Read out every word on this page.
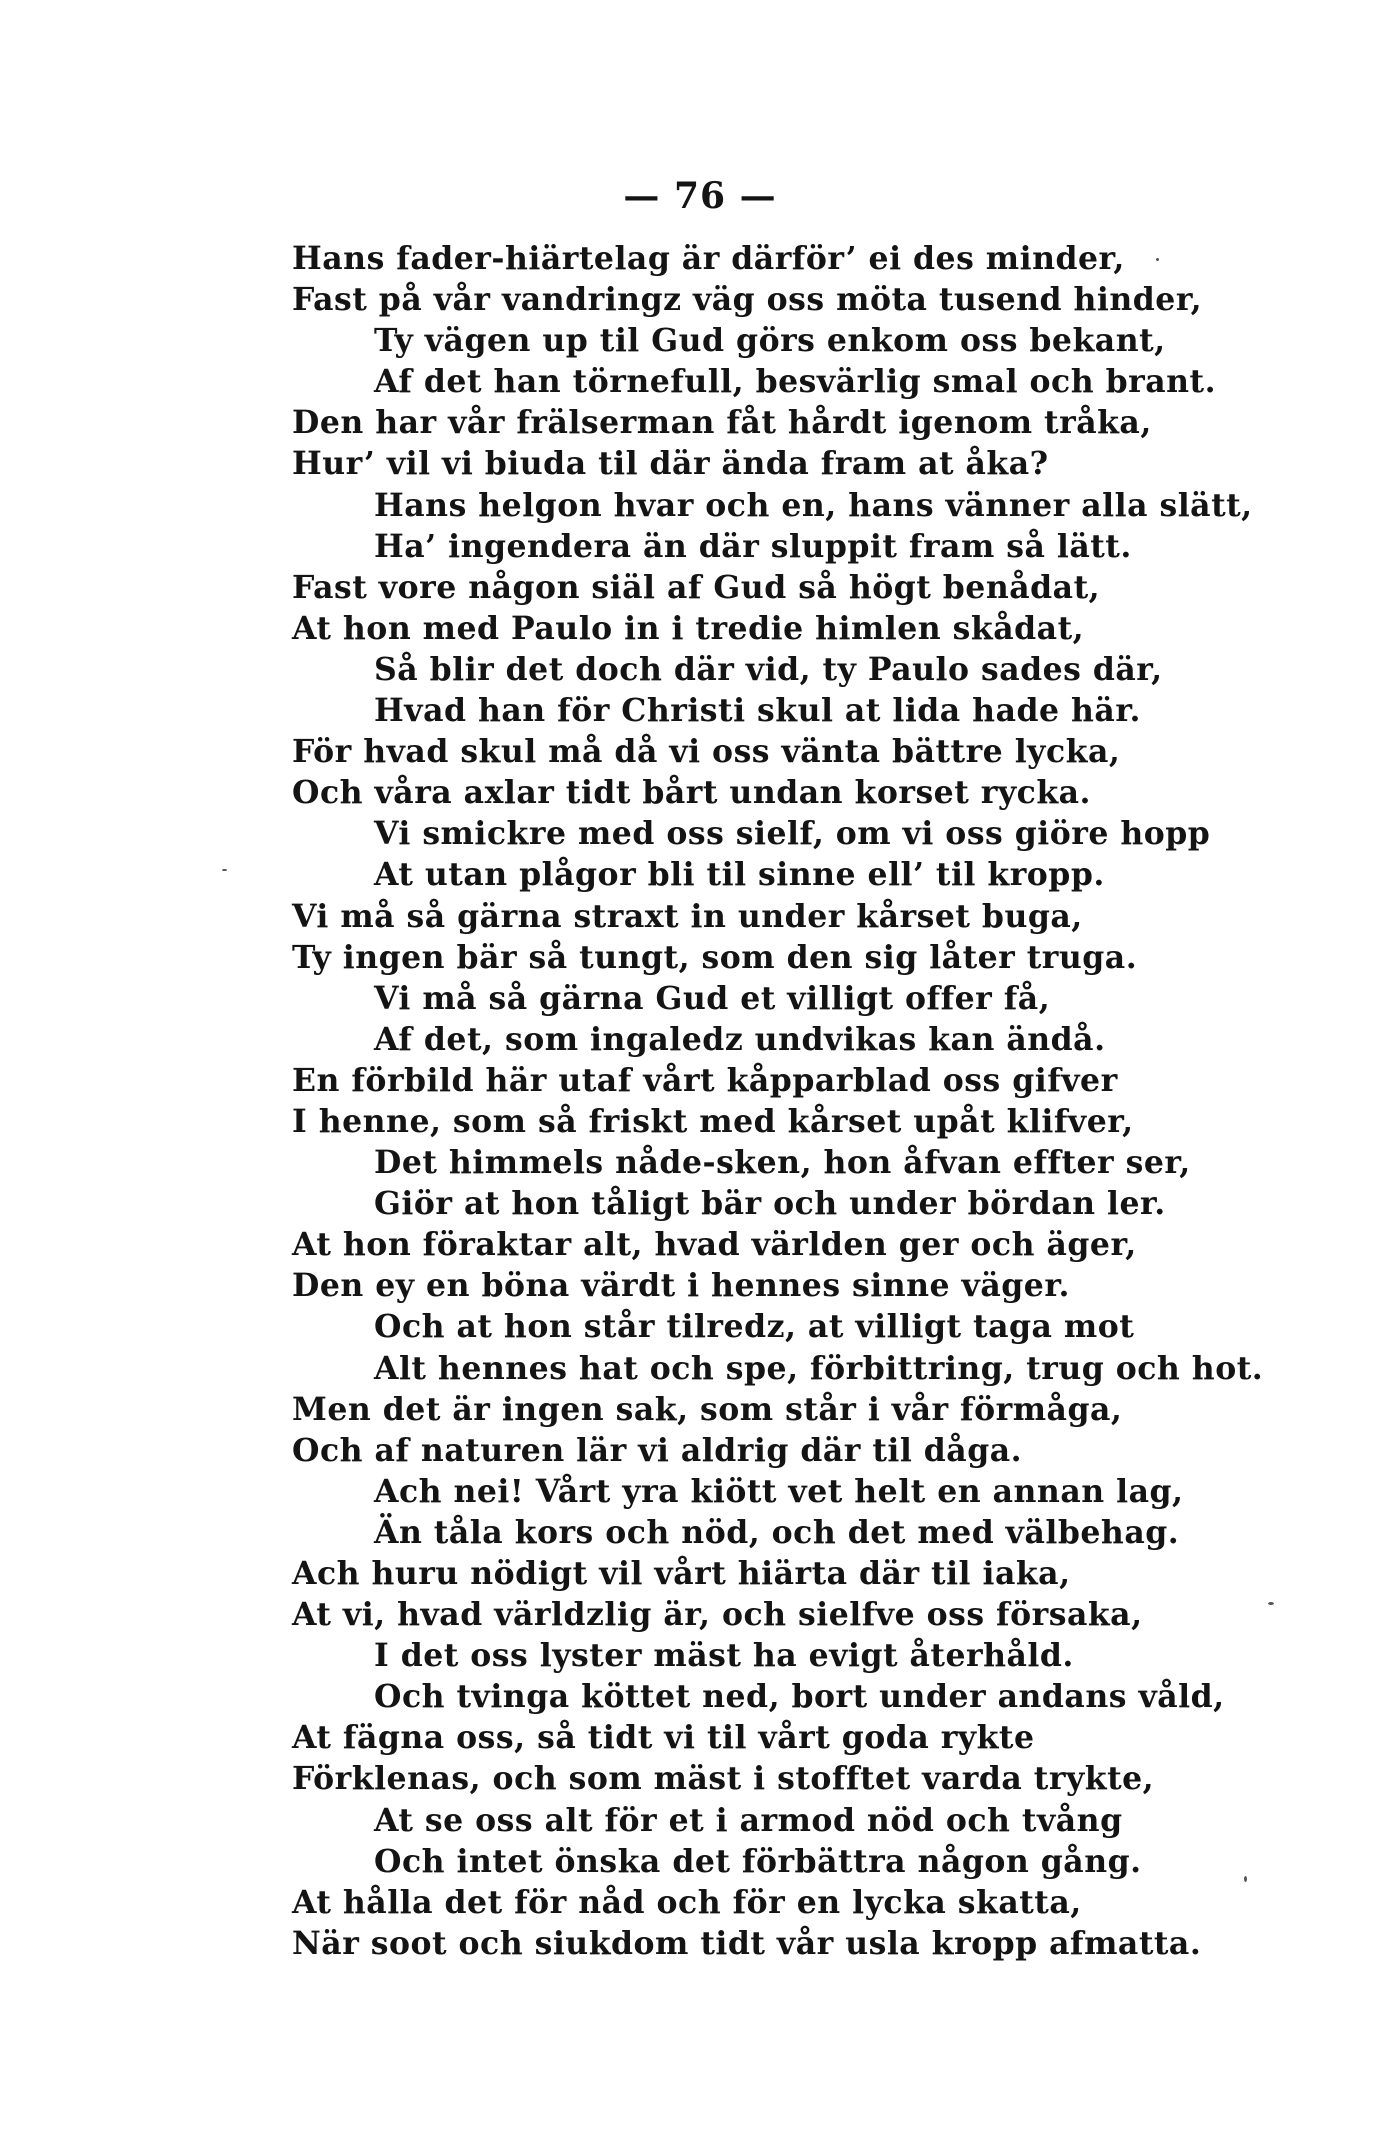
— 76 —
Hans fader-hiärtelag är därför’ ei des minder,
Fast på vår vandringz väg oss möta tusend hinder,
Ty vägen up til Gud görs enkom oss bekant,
Af det han törnefull, besvärlig smal och brant.
Den har vår frälserman fåt hårdt igenom tråka,
Hur’ vil vi biuda til där ända fram at åka?
Hans helgon hvar och en, hans vänner alla slätt,
Ha’ ingendera än där sluppit fram så lätt.
Fast vore någon siäl af Gud så högt benådat,
At hon med Paulo in i tredie himlen skådat,
Så blir det doch där vid, ty Paulo sades där,
Hvad han för Christi skul at lida hade här.
För hvad skul må då vi oss vänta bättre lycka,
Och våra axlar tidt bårt undan korset rycka.
Vi smickre med oss sielf, om vi oss giöre hopp
At utan plågor bli til sinne ell’ til kropp.
Vi må så gärna straxt in under kårset buga,
Ty ingen bär så tungt, som den sig låter truga.
Vi må så gärna Gud et villigt offer få,
Af det, som ingaledz undvikas kan ändå.
En förbild här utaf vårt kåpparblad oss gifver
I henne, som så friskt med kårset upåt klifver,
Det himmels nåde-sken, hon åfvan effter ser,
Giör at hon tåligt bär och under bördan ler.
At hon föraktar alt, hvad världen ger och äger,
Den ey en böna värdt i hennes sinne väger.
Och at hon står tilredz, at villigt taga mot
Alt hennes hat och spe, förbittring, trug och hot.
Men det är ingen sak, som står i vår förmåga,
Och af naturen lär vi aldrig där til dåga.
Ach nei! Vårt yra kiött vet helt en annan lag,
Än tåla kors och nöd, och det med välbehag.
Ach huru nödigt vil vårt hiärta där til iaka,
At vi, hvad världzlig är, och sielfve oss försaka,
I det oss lyster mäst ha evigt återhåld.
Och tvinga köttet ned, bort under andans våld,
At fägna oss, så tidt vi til vårt goda rykte
Förklenas, och som mäst i stofftet varda trykte,
At se oss alt för et i armod nöd och tvång
Och intet önska det förbättra någon gång.
At hålla det för nåd och för en lycka skatta,
När soot och siukdom tidt vår usla kropp afmatta.
